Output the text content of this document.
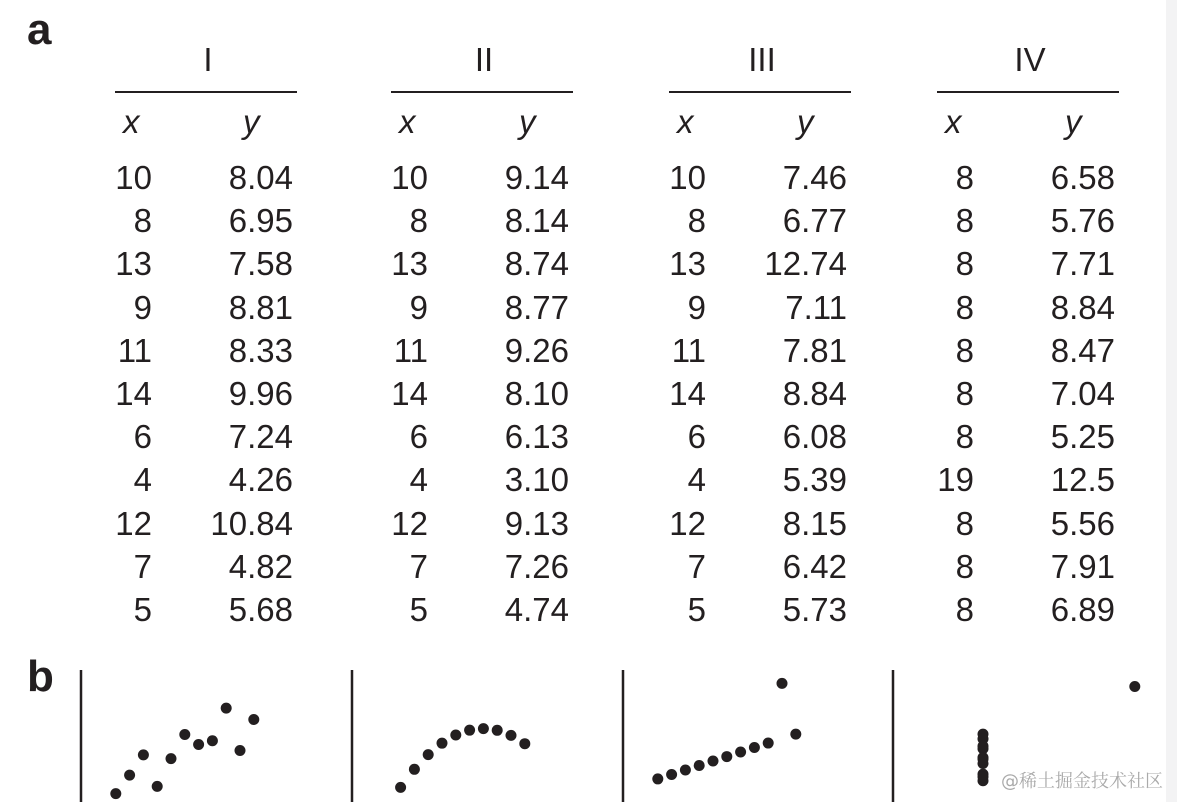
a
b
I
x	y
10	8.04
8	6.95
13	7.58
9	8.81
11	8.33
14	9.96
6	7.24
4	4.26
12	10.84
7	4.82
5	5.68
II
x	y
10	9.14
8	8.14
13	8.74
9	8.77
11	9.26
14	8.10
6	6.13
4	3.10
12	9.13
7	7.26
5	4.74
III
x	y
10	7.46
8	6.77
13	12.74
9	7.11
11	7.81
14	8.84
6	6.08
4	5.39
12	8.15
7	6.42
5	5.73
IV
x	y
8	6.58
8	5.76
8	7.71
8	8.84
8	8.47
8	7.04
8	5.25
19	12.5
8	5.56
8	7.91
8	6.89
@稀土掘金技术社区
